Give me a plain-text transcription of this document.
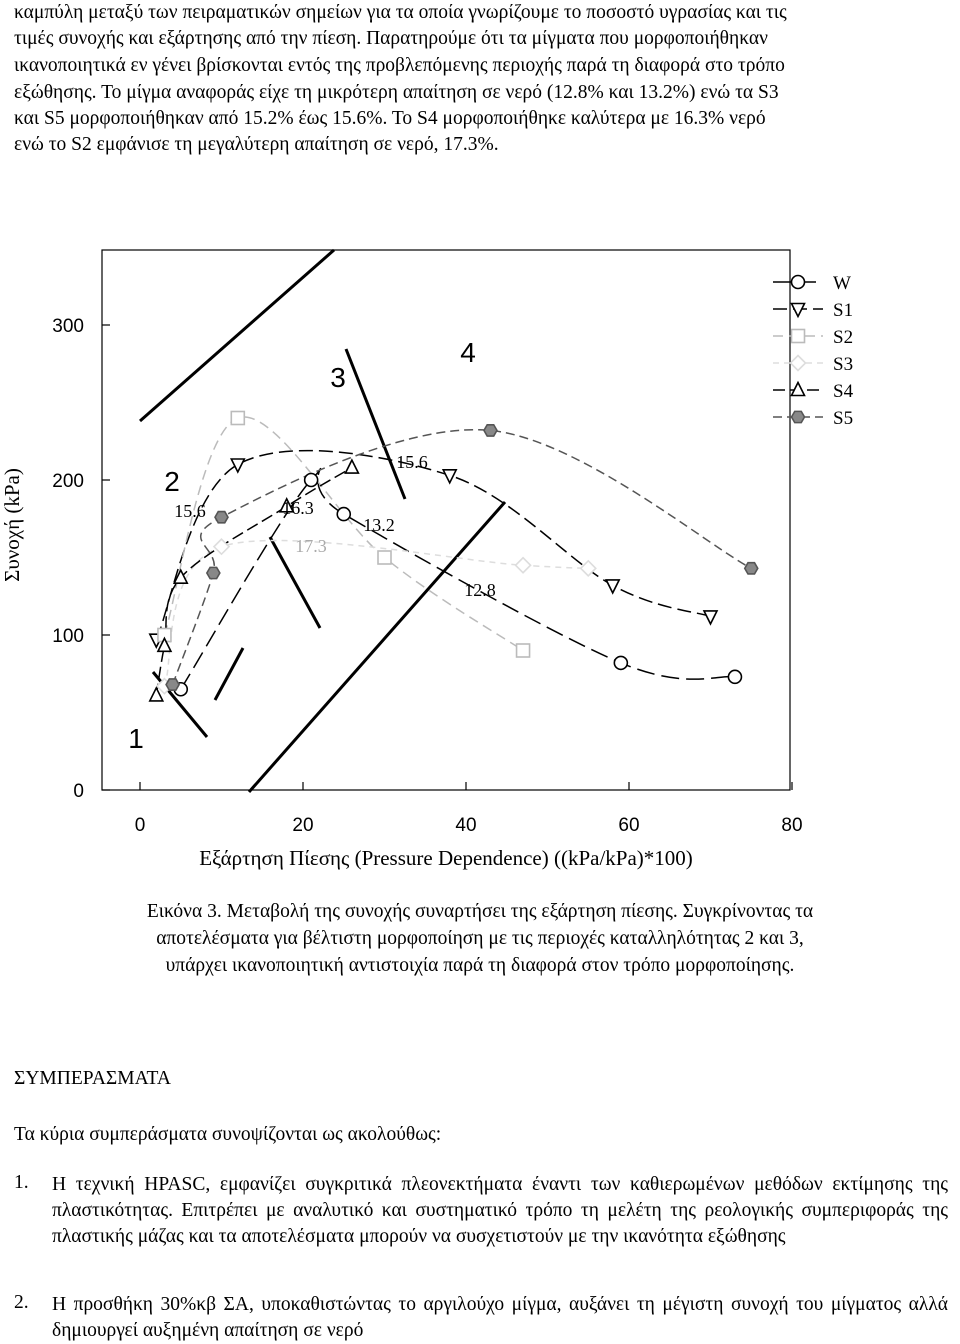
καμπύλη μεταξύ των πειραματικών σημείων για τα οποία γνωρίζουμε το ποσοστό υγρασίας και τις
τιμές συνοχής και εξάρτησης από την πίεση. Παρατηρούμε ότι τα μίγματα που μορφοποιήθηκαν
ικανοποιητικά εν γένει βρίσκονται εντός της προβλεπόμενης περιοχής παρά τη διαφορά στο τρόπο
εξώθησης. Το μίγμα αναφοράς είχε τη μικρότερη απαίτηση σε νερό (12.8% και 13.2%) ενώ τα S3
και S5 μορφοποιήθηκαν από 15.2% έως 15.6%. Το S4 μορφοποιήθηκε καλύτερα με 16.3% νερό
ενώ το S2 εμφάνισε τη μεγαλύτερη απαίτηση σε νερό, 17.3%.
0
100
200
300
0	20	40	60	80
Εξάρτηση Πίεσης (Pressure Dependence) ((kPa/kPa)*100)
Συνοχή (kPa)
1
2
3
4
15.6
15.6
16.3
17.3
13.2
12.8
W
S1
S2
S3
S4
S5
Εικόνα 3. Μεταβολή της συνοχής συναρτήσει της εξάρτηση πίεσης. Συγκρίνοντας τα
αποτελέσματα για βέλτιστη μορφοποίηση με τις περιοχές καταλληλότητας 2 και 3,
υπάρχει ικανοποιητική αντιστοιχία παρά τη διαφορά στον τρόπο μορφοποίησης.
ΣΥΜΠΕΡΑΣΜΑΤΑ
Τα κύρια συμπεράσματα συνοψίζονται ως ακολούθως:
1. Η τεχνική HPASC, εμφανίζει συγκριτικά πλεονεκτήματα έναντι των καθιερωμένων μεθόδων εκτίμησης της πλαστικότητας. Επιτρέπει με αναλυτικό και συστηματικό τρόπο τη μελέτη της ρεολογικής συμπεριφοράς της πλαστικής μάζας και τα αποτελέσματα μπορούν να συσχετιστούν με την ικανότητα εξώθησης
2. Η προσθήκη 30%κβ ΣΑ, υποκαθιστώντας το αργιλούχο μίγμα, αυξάνει τη μέγιστη συνοχή του μίγματος αλλά δημιουργεί αυξημένη απαίτηση σε νερό
